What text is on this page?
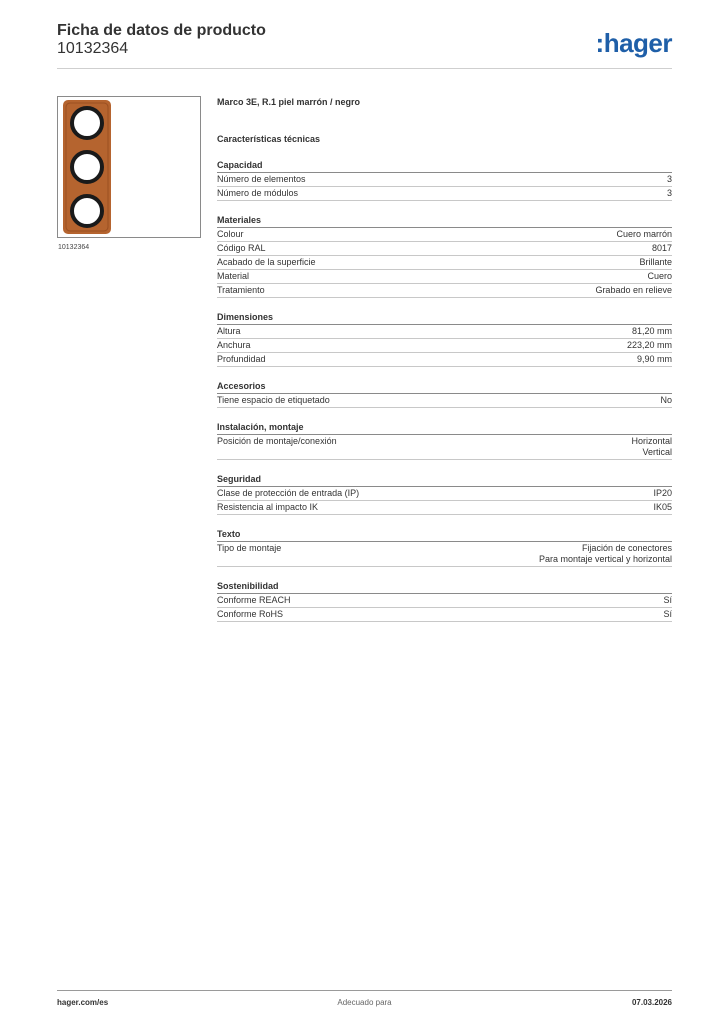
Ficha de datos de producto
10132364	:hager
10132364
Marco 3E, R.1 piel marrón / negro
Características técnicas
Capacidad
Número de elementos	3
Número de módulos	3
Materiales
Colour	Cuero marrón
Código RAL	8017
Acabado de la superficie	Brillante
Material	Cuero
Tratamiento	Grabado en relieve
Dimensiones
Altura	81,20 mm
Anchura	223,20 mm
Profundidad	9,90 mm
Accesorios
Tiene espacio de etiquetado	No
Instalación, montaje
Posición de montaje/conexión	Horizontal
Vertical
Seguridad
Clase de protección de entrada (IP)	IP20
Resistencia al impacto IK	IK05
Texto
Tipo de montaje	Fijación de conectores
Para montaje vertical y horizontal
Sostenibilidad
Conforme REACH	Sí
Conforme RoHS	Sí
hager.com/es	Adecuado para	07.03.2026
